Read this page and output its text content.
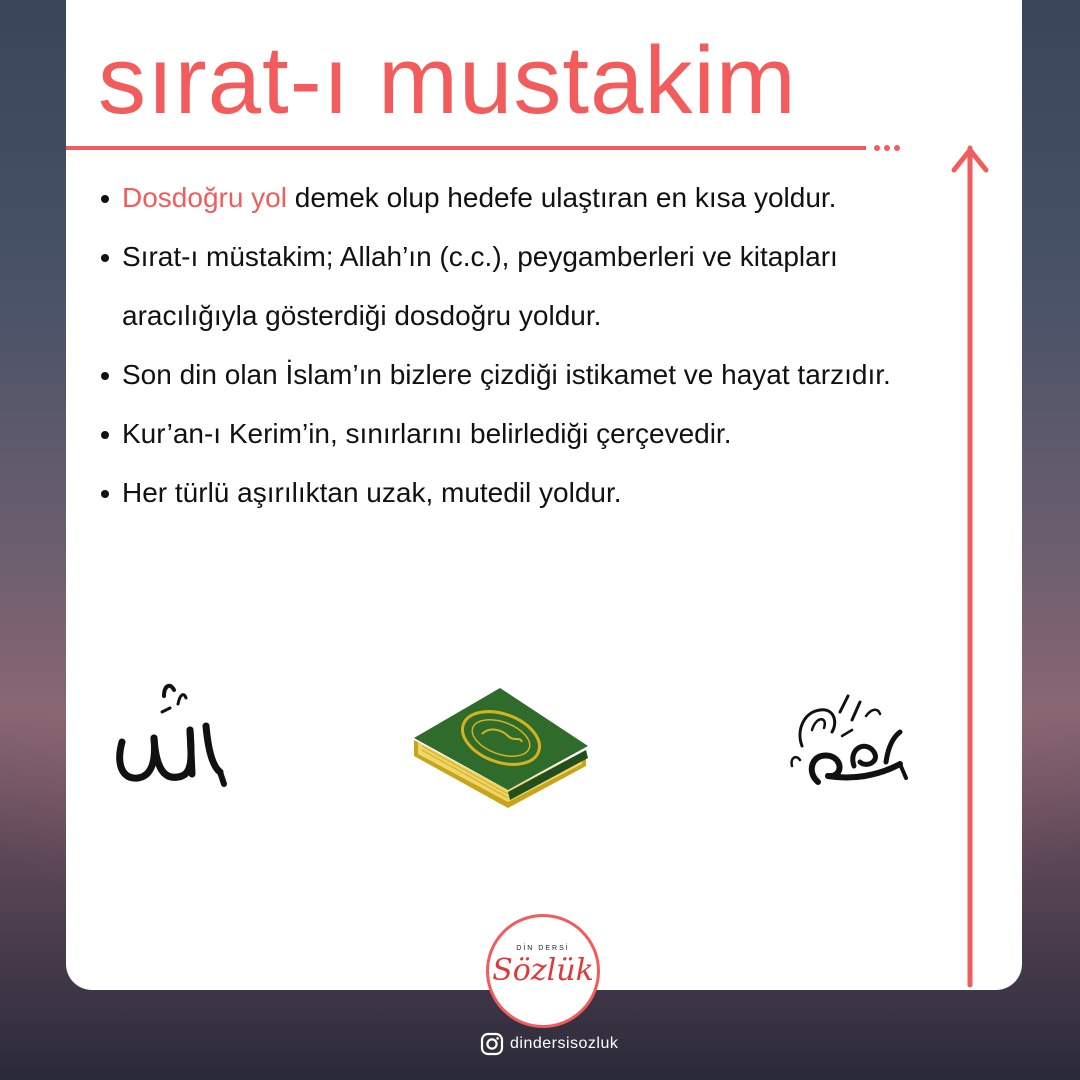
sırat-ı mustakim
Dosdoğru yol demek olup hedefe ulaştıran en kısa yoldur.
Sırat-ı müstakim; Allah’ın (c.c.), peygamberleri ve kitapları aracılığıyla gösterdiği dosdoğru yoldur.
Son din olan İslam’ın bizlere çizdiği istikamet ve hayat tarzıdır.
Kur’an-ı Kerim’in, sınırlarını belirlediği çerçevedir.
Her türlü aşırılıktan uzak, mutedil yoldur.
DİN DERSİ
Sözlük
dindersisozluk
